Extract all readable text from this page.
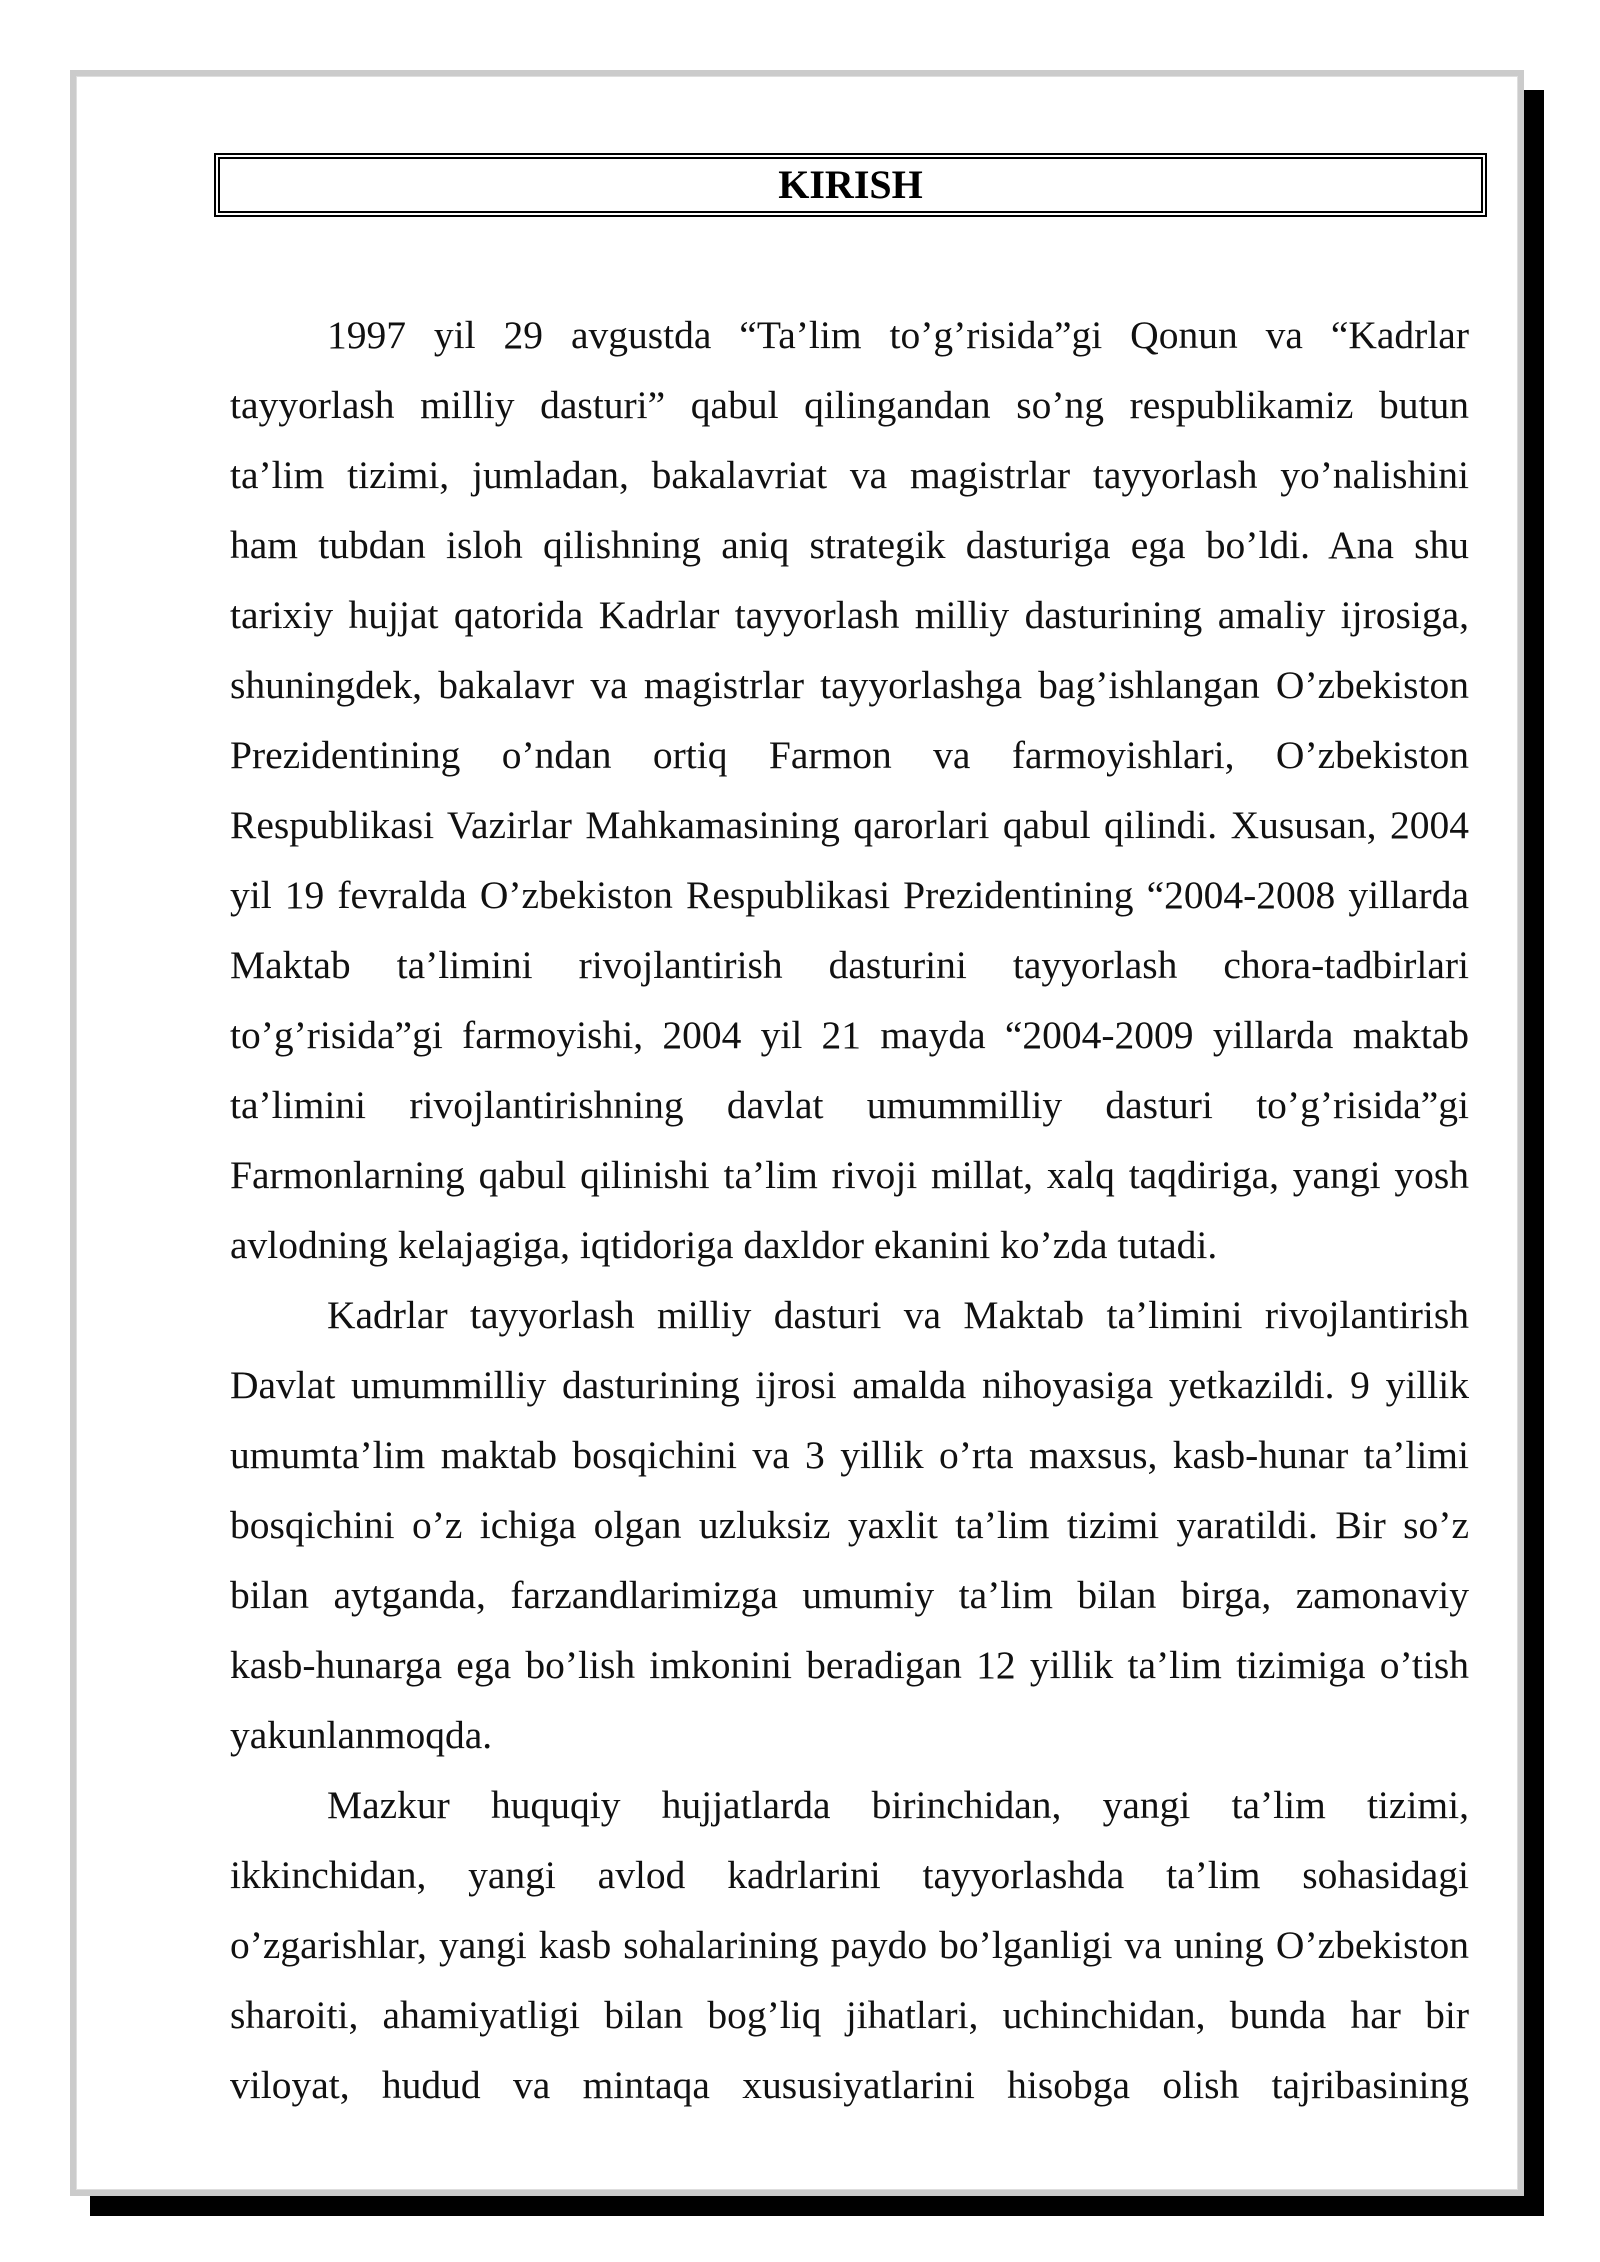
KIRISH
1997 yil 29 avgustda “Ta’lim to’g’risida”gi Qonun va “Kadrlar
tayyorlash milliy dasturi” qabul qilingandan so’ng respublikamiz butun
ta’lim tizimi, jumladan, bakalavriat va magistrlar tayyorlash yo’nalishini
ham tubdan isloh qilishning aniq strategik dasturiga ega bo’ldi. Ana shu
tarixiy hujjat qatorida Kadrlar tayyorlash milliy dasturining amaliy ijrosiga,
shuningdek, bakalavr va magistrlar tayyorlashga bag’ishlangan O’zbekiston
Prezidentining o’ndan ortiq Farmon va farmoyishlari, O’zbekiston
Respublikasi Vazirlar Mahkamasining qarorlari qabul qilindi. Xususan, 2004
yil 19 fevralda O’zbekiston Respublikasi Prezidentining “2004-2008 yillarda
Maktab ta’limini rivojlantirish dasturini tayyorlash chora-tadbirlari
to’g’risida”gi farmoyishi, 2004 yil 21 mayda “2004-2009 yillarda maktab
ta’limini rivojlantirishning davlat umummilliy dasturi to’g’risida”gi
Farmonlarning qabul qilinishi ta’lim rivoji millat, xalq taqdiriga, yangi yosh
avlodning kelajagiga, iqtidoriga daxldor ekanini ko’zda tutadi.
Kadrlar tayyorlash milliy dasturi va Maktab ta’limini rivojlantirish
Davlat umummilliy dasturining ijrosi amalda nihoyasiga yetkazildi. 9 yillik
umumta’lim maktab bosqichini va 3 yillik o’rta maxsus, kasb-hunar ta’limi
bosqichini o’z ichiga olgan uzluksiz yaxlit ta’lim tizimi yaratildi. Bir so’z
bilan aytganda, farzandlarimizga umumiy ta’lim bilan birga, zamonaviy
kasb-hunarga ega bo’lish imkonini beradigan 12 yillik ta’lim tizimiga o’tish
yakunlanmoqda.
Mazkur huquqiy hujjatlarda birinchidan, yangi ta’lim tizimi,
ikkinchidan, yangi avlod kadrlarini tayyorlashda ta’lim sohasidagi
o’zgarishlar, yangi kasb sohalarining paydo bo’lganligi va uning O’zbekiston
sharoiti, ahamiyatligi bilan bog’liq jihatlari, uchinchidan, bunda har bir
viloyat, hudud va mintaqa xususiyatlarini hisobga olish tajribasining
